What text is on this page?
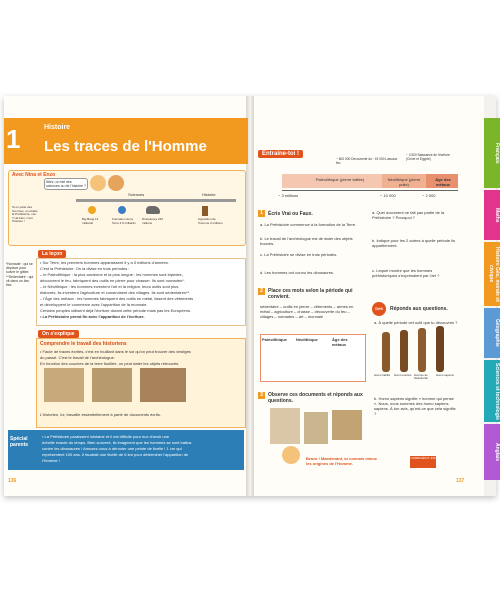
1	Histoire
Les traces de l'Homme
Avec Nina et Enzo
Allez, on fait des sciences ou de l'histoire ?
Si on parle des hommes, on étudie la Préhistoire, non ? Ha bien, c'est l'histoire !
Sciences	Histoire
Big Bang 13 milliards
Formation de la Terre 4,5 milliards
Dinosaures 230 millions
Apparition de l'homme 3 millions
La leçon
• Sur Terre, les premiers hommes apparaissent il y a 3 millions d'années.
C'est la Préhistoire. On la divise en trois périodes :
– le Paléolithique : la plus ancienne et la plus longue ; les hommes sont bipèdes,
découvrent le feu, fabriquent des outils en pierre pour chasser. Ils sont nomades*.
– le Néolithique : les hommes inventent l'art et la religion, leurs outils sont plus
élaborés, ils inventent l'agriculture et construisent des villages. Ils sont sédentaires**.
– l'Âge des métaux : les hommes fabriquent des outils en métal, tissent des vêtements
et développent le commerce avec l'apparition de la monnaie.
Certains peuples utilisent déjà l'écriture durant cette période mais pas les Européens.
• La Préhistoire prend fin avec l'apparition de l'écriture.
*Nomade : qui se déplace pour suivre le gibier. **Sédentaire : qui vit dans un lieu fixe.
On s'explique
Comprendre le travail des historiens
• Faute de traces écrites, c'est en fouillant dans le sol qu'on peut trouver des vestiges
du passé. C'est le travail de l'archéologue.
En fonction des couches de la terre fouillée, on peut dater les objets retrouvés.
L'historien, lui, travaille essentiellement à partir de documents écrits.
Spécial parents
• La Préhistoire paraissent lointaine et il est difficile pour eux d'avoir une
échelle exacte du temps. Bien souvent, ils imaginent que les hommes se sont battus
contre les dinosaures ! Amusez-vous à dérouler une pelote de ficelle ! 1 cm qui
représentent 100 ans. Il faudrait une ficelle de 6 km pour déterminer l'apparition de
l'Homme !
136
Entraîne-toi !
− 600 000 Découverte du feu
− 15 000 Lascaux
− 3 500 Naissance de l'écriture (Chine et Égypte)
Paléolithique (pierre taillée)	Néolithique (pierre polie)
Âge des métaux
− 3 millions	− 10 000	− 2 000
1	Écris Vrai ou Faux.
a. La Préhistoire commence à la formation de la Terre.
b. Le travail de l'archéologue est de dater des objets trouvés.
c. La Préhistoire se divise en trois périodes.
d. Les hommes ont connu les dinosaures.
2	Place ces mots selon la période qui convient.
sédentaire – outils en pierre – vêtements – armes en métal – agriculture – chasse – découverte du feu – villages – nomades – art – monnaie
Paléolithique	Néolithique	Âge des métaux
3	Observe ces documents et réponds aux questions.
a. Quel document ne fait pas partie de la Préhistoire ? Pourquoi ?
b. Indique pour les 2 autres à quelle période ils appartiennent.
c. Lequel montre que les hommes préhistoriques s'exprimaient par l'art ?
Défi	Réponds aux questions.
a. À quelle période cet outil que tu découvres ?
Homo habilis	Homo erectus Homme de Néandertal
Homo sapiens
b. Homo sapiens signifie « homme qui pense ». Nous, nous sommes des homo sapiens sapiens. À ton avis, qu'est-ce que cela signifie ?
Bravo ! Maintenant, tu connais mieux les origines de l'Homme.
CORRIGÉS P. 235
137
Français
Maths
Histoire Géo, morale et civique
Géographie
Sciences et technologie
Anglais
